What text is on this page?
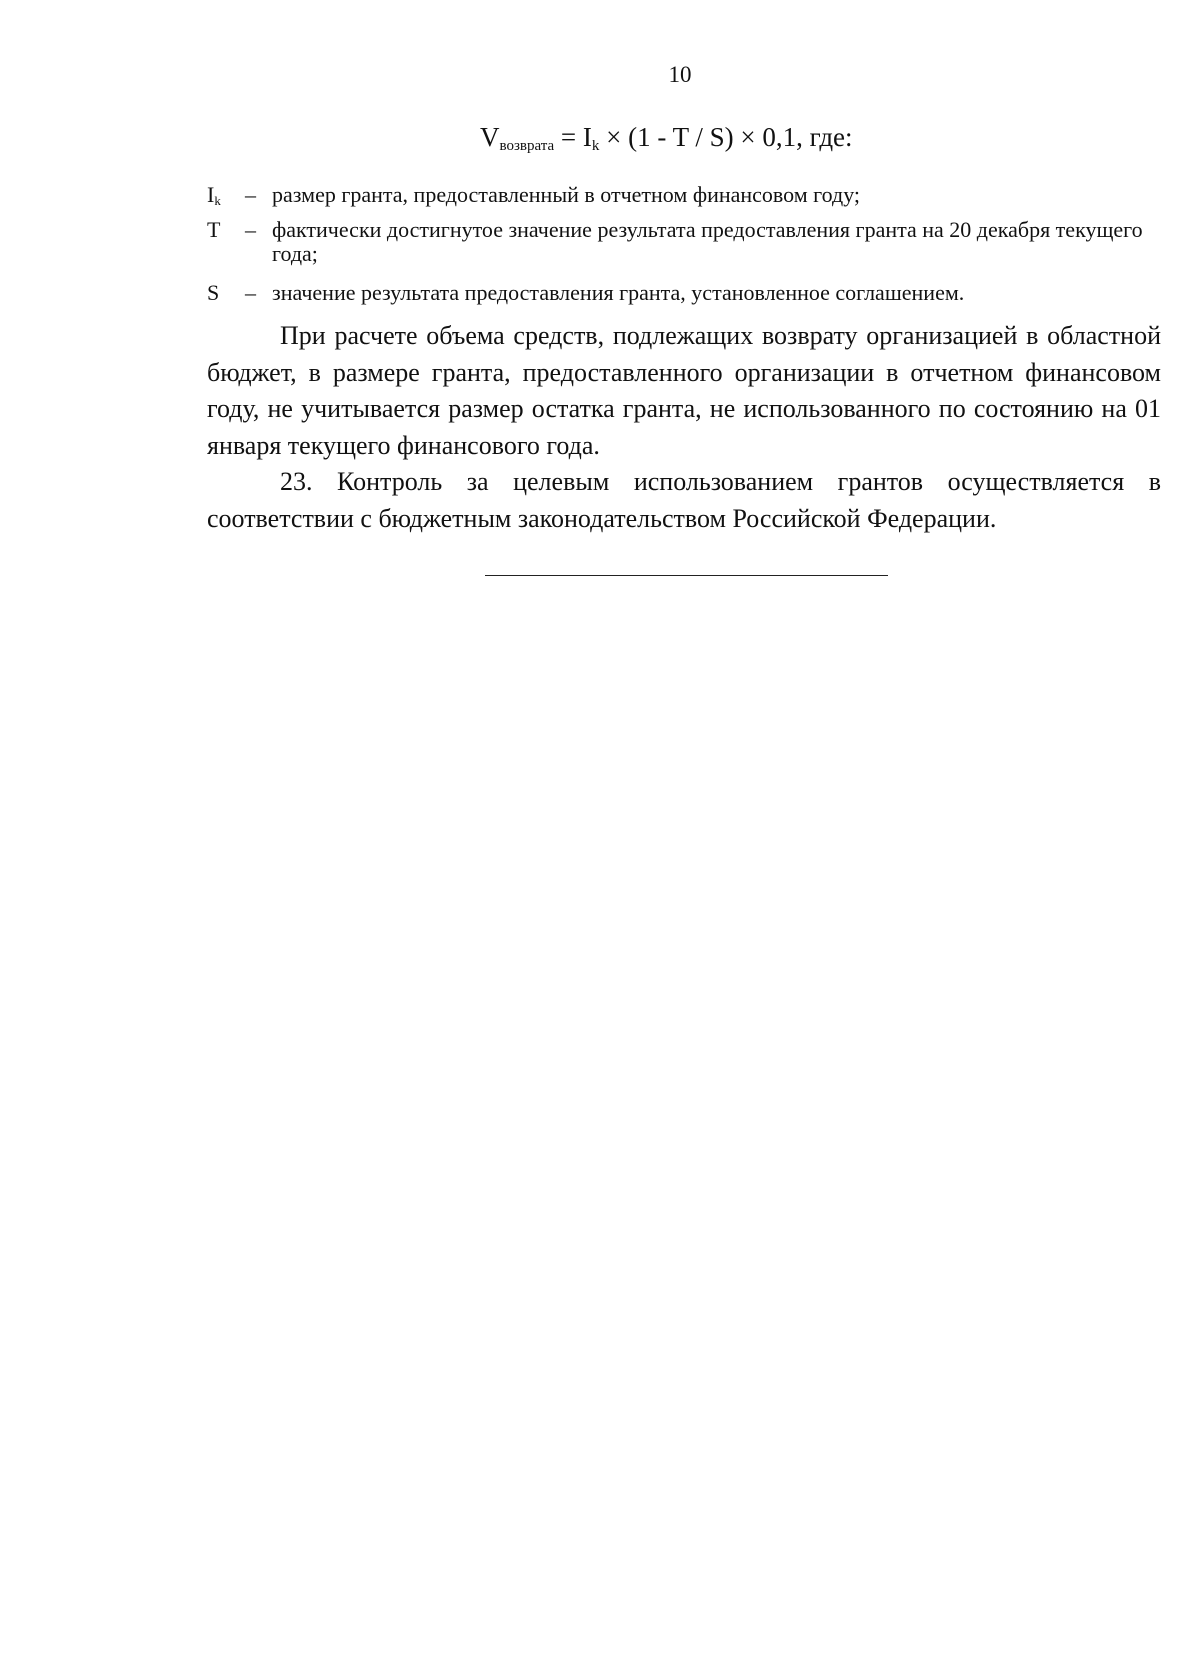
10
$V_{возврата} = I_k \times (1 - T / S) \times 0,1$, где:
$I_k$	– размер гранта, предоставленный в отчетном финансовом году;
T	– фактически достигнутое значение результата предоставления гранта на 20 декабря текущего года;
S	– значение результата предоставления гранта, установленное соглашением.
При расчете объема средств, подлежащих возврату организацией в областной бюджет, в размере гранта, предоставленного организации в отчетном финансовом году, не учитывается размер остатка гранта, не использованного по состоянию на 01 января текущего финансового года.
23. Контроль за целевым использованием грантов осуществляется в соответствии с бюджетным законодательством Российской Федерации.
